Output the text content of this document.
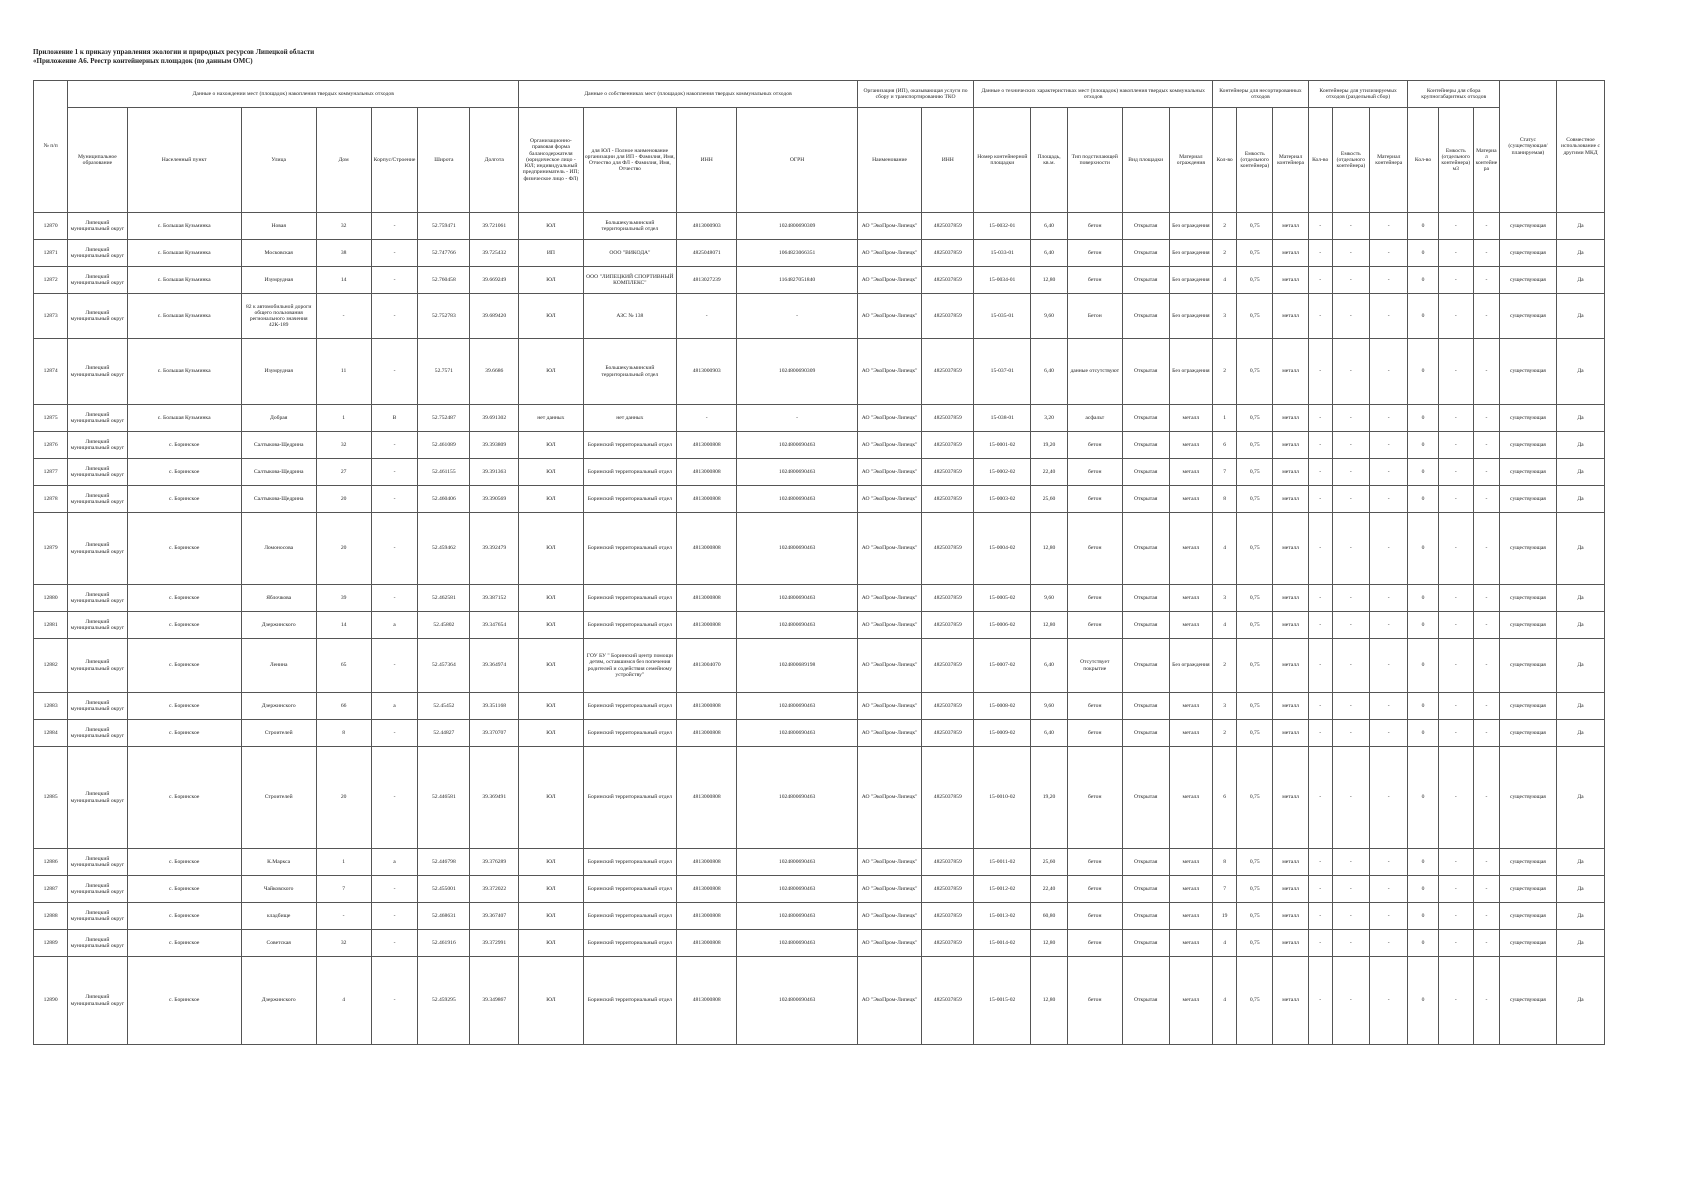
Приложение 1 к приказу управления экологии и природных ресурсов Липецкой области
«Приложение А6. Реестр контейнерных площадок (по данным ОМС)
№ п/п	Данные о нахождении мест (площадок) накопления твердых коммунальных отходов							Данные о собственниках мест (площадок) накопления твердых коммунальных отходов				Организация (ИП), оказывающая услуги по сбору и транспортированию ТКО		Данные о технических характеристиках мест (площадок) накопления твердых коммунальных отходов					Контейнеры для несортированных отходов			Контейнеры для утилизируемых отходов (раздельный сбор)			Контейнеры для сбора крупногабаритных отходов			Статус (существующая/планируемая)	Совместное использование с другими МКД
	Муниципальное образование	Населенный пункт	Улица	Дом	Корпус/Строение	Широта	Долгота	Организационно-правовая форма балансодержателя (юридическое лицо - ЮЛ; индивидуальный предприниматель - ИП; физическое лицо - ФЛ)	для ЮЛ - Полное наименование организации для ИП - Фамилия, Имя, Отчество для ФЛ - Фамилия, Имя, Отчество	ИНН	ОГРН	Наименование	ИНН	Номер контейнерной площадки	Площадь, кв.м.	Тип подстилающей поверхности	Вид площадки	Материал ограждения	Кол-во	Емкость (отдельного контейнера)	Материал контейнера	Кол-во	Емкость (отдельного контейнера)	Материал контейнера	Кол-во	Емкость (отдельного контейнера) м3	Материал контейнера		
12870	Липецкий муниципальный округ	с. Большая Кузьминка	Новая	32	-	52.759471	39.721061	ЮЛ	Большекузьминский территориальный отдел	4813000903	1024800690309	АО "ЭкоПром-Липецк"	4825037859	15-0032-01	6,40	бетон	Открытая	Без ограждения	2	0,75	металл	-	-	-	0	-	-	существующая	Да
12871	Липецкий муниципальный округ	с. Большая Кузьминка	Московская	38	-	52.747766	39.725432	ИП	ООО "ВИКОДА"	4825048071	1064823066351	АО "ЭкоПром-Липецк"	4825037859	15-033-01	6,40	бетон	Открытая	Без ограждения	2	0,75	металл	-	-	-	0	-	-	существующая	Да
12872	Липецкий муниципальный округ	с. Большая Кузьминка	Изумрудная	14	-	52.760458	39.669249	ЮЛ	ООО "ЛИПЕЦКИЙ СПОРТИВНЫЙ КОМПЛЕКС"	4813027239	1164827051840	АО "ЭкоПром-Липецк"	4825037859	15-0034-01	12,80	бетон	Открытая	Без ограждения	4	0,75	металл	-	-	-	0	-	-	существующая	Да
12873	Липецкий муниципальный округ	с. Большая Кузьминка	82 к автомобильной дороги общего пользования регионального значения 42К-189	-	-	52.752783	39.689420	ЮЛ	АЗС № 138	-	-	АО "ЭкоПром-Липецк"	4825037859	15-035-01	9,60	Бетон	Открытая	Без ограждения	3	0,75	металл	-	-	-	0	-	-	существующая	Да
12874	Липецкий муниципальный округ	с. Большая Кузьминка	Изумрудная	11	-	52.7571	39.6686	ЮЛ	Большекузьминский территориальный отдел	4813000903	1024800690309	АО "ЭкоПром-Липецк"	4825037859	15-037-01	6,40	данные отсутствуют	Открытая	Без ограждения	2	0,75	металл	-	-	-	0	-	-	существующая	Да
12875	Липецкий муниципальный округ	с. Большая Кузьминка	Добрая	1	В	52.752487	39.691302	нет данных	нет данных	-	-	АО "ЭкоПром-Липецк"	4825037859	15-038-01	3,20	асфальт	Открытая	металл	1	0,75	металл	-	-	-	0	-	-	существующая	Да
12876	Липецкий муниципальный округ	с. Боринское	Салтыкова-Щедрина	32	-	52.461089	39.393809	ЮЛ	Боринский территориальный отдел	4813000808	1024800690463	АО "ЭкоПром-Липецк"	4825037859	15-0001-02	19,20	бетон	Открытая	металл	6	0,75	металл	-	-	-	0	-	-	существующая	Да
12877	Липецкий муниципальный округ	с. Боринское	Салтыкова-Щедрина	27	-	52.461155	39.391363	ЮЛ	Боринский территориальный отдел	4813000808	1024800690463	АО "ЭкоПром-Липецк"	4825037859	15-0002-02	22,40	бетон	Открытая	металл	7	0,75	металл	-	-	-	0	-	-	существующая	Да
12878	Липецкий муниципальный округ	с. Боринское	Салтыкова-Щедрина	20	-	52.460406	39.390569	ЮЛ	Боринский территориальный отдел	4813000808	1024800690463	АО "ЭкоПром-Липецк"	4825037859	15-0003-02	25,60	бетон	Открытая	металл	8	0,75	металл	-	-	-	0	-	-	существующая	Да
12879	Липецкий муниципальный округ	с. Боринское	Ломоносова	20	-	52.459462	39.392479	ЮЛ	Боринский территориальный отдел	4813000808	1024800690463	АО "ЭкоПром-Липецк"	4825037859	15-0004-02	12,80	бетон	Открытая	металл	4	0,75	металл	-	-	-	0	-	-	существующая	Да
12880	Липецкий муниципальный округ	с. Боринское	Яблочкова	39	-	52.462581	39.387152	ЮЛ	Боринский территориальный отдел	4813000808	1024800690463	АО "ЭкоПром-Липецк"	4825037859	15-0005-02	9,60	бетон	Открытая	металл	3	0,75	металл	-	-	-	0	-	-	существующая	Да
12881	Липецкий муниципальный округ	с. Боринское	Дзержинского	14	а	52.45802	39.347654	ЮЛ	Боринский территориальный отдел	4813000808	1024800690463	АО "ЭкоПром-Липецк"	4825037859	15-0006-02	12,80	бетон	Открытая	металл	4	0,75	металл	-	-	-	0	-	-	существующая	Да
12882	Липецкий муниципальный округ	с. Боринское	Ленина	65	-	52.457364	39.364974	ЮЛ	ГОУ БУ " Боринский центр помощи детям, оставшимся без попечения родителей и содействия семейному устройству"	4813004070	1024800689198	АО "ЭкоПром-Липецк"	4825037859	15-0007-02	6,40	Отсутствует покрытие	Открытая	Без ограждения	2	0,75	металл	-	-	-	0	-	-	существующая	Да
12883	Липецкий муниципальный округ	с. Боринское	Дзержинского	66	а	52.45452	39.351168	ЮЛ	Боринский территориальный отдел	4813000808	1024800690463	АО "ЭкоПром-Липецк"	4825037859	15-0008-02	9,60	бетон	Открытая	металл	3	0,75	металл	-	-	-	0	-	-	существующая	Да
12884	Липецкий муниципальный округ	с. Боринское	Строителей	8	-	52.44827	39.370707	ЮЛ	Боринский территориальный отдел	4813000808	1024800690463	АО "ЭкоПром-Липецк"	4825037859	15-0009-02	6,40	бетон	Открытая	металл	2	0,75	металл	-	-	-	0	-	-	существующая	Да
12885	Липецкий муниципальный округ	с. Боринское	Строителей	20	-	52.446581	39.369491	ЮЛ	Боринский территориальный отдел	4813000808	1024800690463	АО "ЭкоПром-Липецк"	4825037859	15-0010-02	19,20	бетон	Открытая	металл	6	0,75	металл	-	-	-	0	-	-	существующая	Да
12886	Липецкий муниципальный округ	с. Боринское	К.Маркса	1	а	52.446798	39.376289	ЮЛ	Боринский территориальный отдел	4813000808	1024800690463	АО "ЭкоПром-Липецк"	4825037859	15-0011-02	25,60	бетон	Открытая	металл	8	0,75	металл	-	-	-	0	-	-	существующая	Да
12887	Липецкий муниципальный округ	с. Боринское	Чайковского	7	-	52.455001	39.372022	ЮЛ	Боринский территориальный отдел	4813000808	1024800690463	АО "ЭкоПром-Липецк"	4825037859	15-0012-02	22,40	бетон	Открытая	металл	7	0,75	металл	-	-	-	0	-	-	существующая	Да
12888	Липецкий муниципальный округ	с. Боринское	кладбище	-	-	52.468631	39.367407	ЮЛ	Боринский территориальный отдел	4813000808	1024800690463	АО "ЭкоПром-Липецк"	4825037859	15-0013-02	60,80	бетон	Открытая	металл	19	0,75	металл	-	-	-	0	-	-	существующая	Да
12889	Липецкий муниципальный округ	с. Боринское	Советская	32	-	52.461916	39.372991	ЮЛ	Боринский территориальный отдел	4813000808	1024800690463	АО "ЭкоПром-Липецк"	4825037859	15-0014-02	12,80	бетон	Открытая	металл	4	0,75	металл	-	-	-	0	-	-	существующая	Да
12890	Липецкий муниципальный округ	с. Боринское	Дзержинского	4	-	52.459295	39.349867	ЮЛ	Боринский территориальный отдел	4813000808	1024800690463	АО "ЭкоПром-Липецк"	4825037859	15-0015-02	12,80	бетон	Открытая	металл	4	0,75	металл	-	-	-	0	-	-	существующая	Да
